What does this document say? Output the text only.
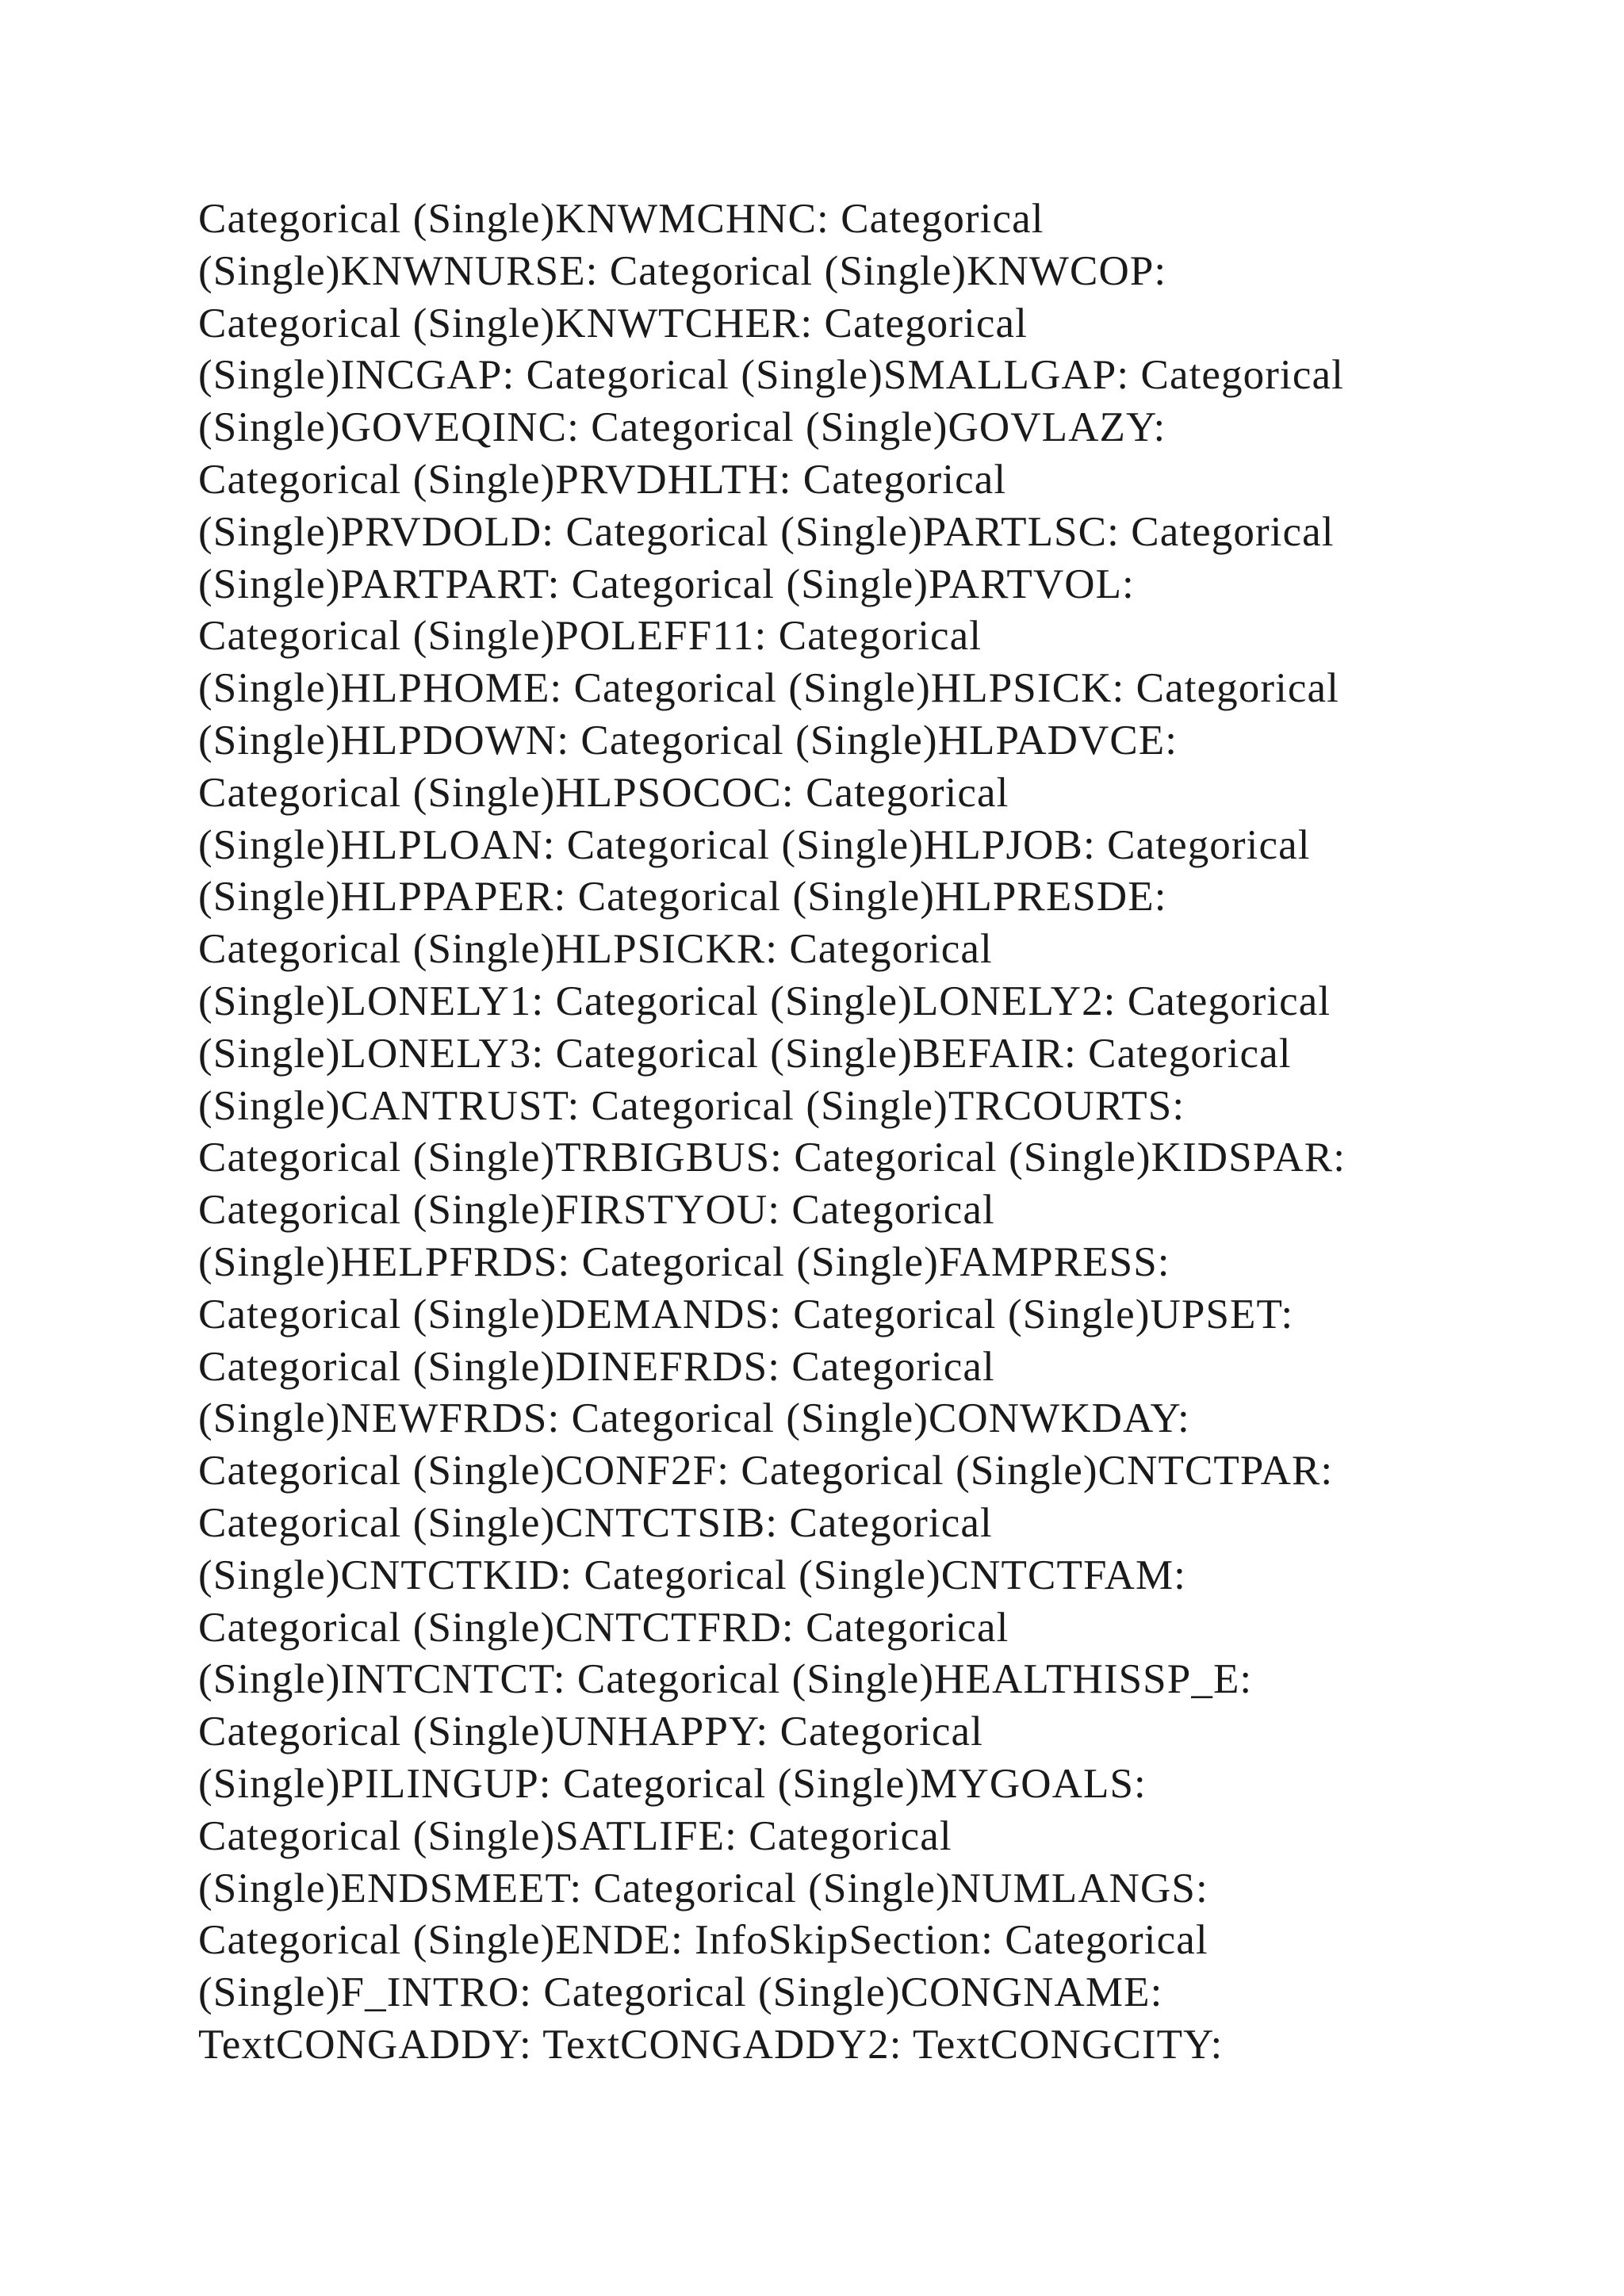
Categorical (Single)KNWMCHNC: Categorical
(Single)KNWNURSE: Categorical (Single)KNWCOP:
Categorical (Single)KNWTCHER: Categorical
(Single)INCGAP: Categorical (Single)SMALLGAP: Categorical
(Single)GOVEQINC: Categorical (Single)GOVLAZY:
Categorical (Single)PRVDHLTH: Categorical
(Single)PRVDOLD: Categorical (Single)PARTLSC: Categorical
(Single)PARTPART: Categorical (Single)PARTVOL:
Categorical (Single)POLEFF11: Categorical
(Single)HLPHOME: Categorical (Single)HLPSICK: Categorical
(Single)HLPDOWN: Categorical (Single)HLPADVCE:
Categorical (Single)HLPSOCOC: Categorical
(Single)HLPLOAN: Categorical (Single)HLPJOB: Categorical
(Single)HLPPAPER: Categorical (Single)HLPRESDE:
Categorical (Single)HLPSICKR: Categorical
(Single)LONELY1: Categorical (Single)LONELY2: Categorical
(Single)LONELY3: Categorical (Single)BEFAIR: Categorical
(Single)CANTRUST: Categorical (Single)TRCOURTS:
Categorical (Single)TRBIGBUS: Categorical (Single)KIDSPAR:
Categorical (Single)FIRSTYOU: Categorical
(Single)HELPFRDS: Categorical (Single)FAMPRESS:
Categorical (Single)DEMANDS: Categorical (Single)UPSET:
Categorical (Single)DINEFRDS: Categorical
(Single)NEWFRDS: Categorical (Single)CONWKDAY:
Categorical (Single)CONF2F: Categorical (Single)CNTCTPAR:
Categorical (Single)CNTCTSIB: Categorical
(Single)CNTCTKID: Categorical (Single)CNTCTFAM:
Categorical (Single)CNTCTFRD: Categorical
(Single)INTCNTCT: Categorical (Single)HEALTHISSP_E:
Categorical (Single)UNHAPPY: Categorical
(Single)PILINGUP: Categorical (Single)MYGOALS:
Categorical (Single)SATLIFE: Categorical
(Single)ENDSMEET: Categorical (Single)NUMLANGS:
Categorical (Single)ENDE: InfoSkipSection: Categorical
(Single)F_INTRO: Categorical (Single)CONGNAME:
TextCONGADDY: TextCONGADDY2: TextCONGCITY:
